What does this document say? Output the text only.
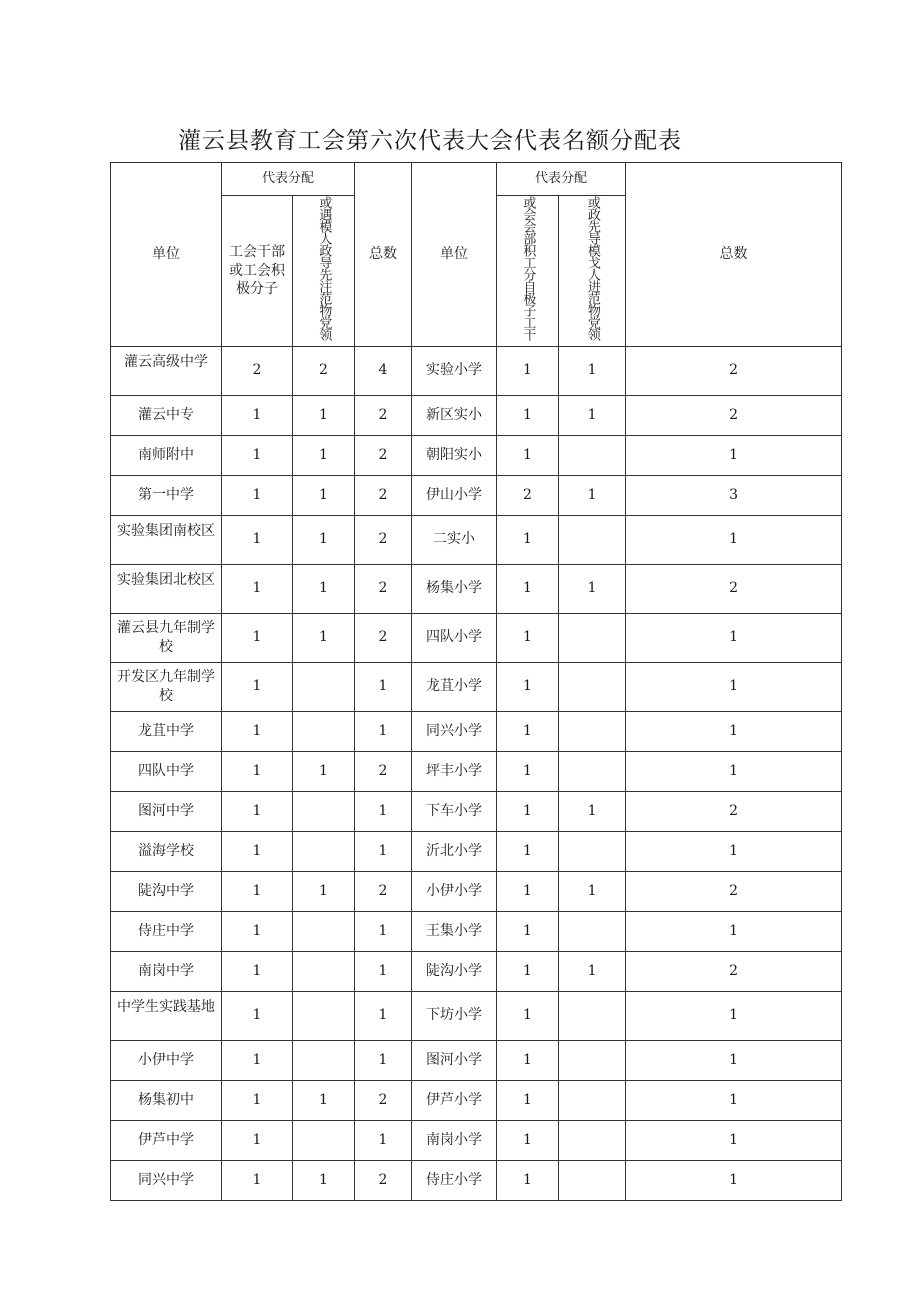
灌云县教育工会第六次代表大会代表名额分配表
单位	代表分配		总数	单位	代表分配		总数
	工会干部或工会积极分子	或遇模人政导先注范物党领			或会会部积工分自极子工干	或政先导模戈人进范物党领	
灌云高级中学	2	2	4	实验小学	1	1	2
灌云中专	1	1	2	新区实小	1	1	2
南师附中	1	1	2	朝阳实小	1		1
第一中学	1	1	2	伊山小学	2	1	3
实验集团南校区	1	1	2	二实小	1		1
实验集团北校区	1	1	2	杨集小学	1	1	2
灌云县九年制学校	1	1	2	四队小学	1		1
开发区九年制学校	1		1	龙苴小学	1		1
龙苴中学	1		1	同兴小学	1		1
四队中学	1	1	2	坪丰小学	1		1
图河中学	1		1	下车小学	1	1	2
溢海学校	1		1	沂北小学	1		1
陡沟中学	1	1	2	小伊小学	1	1	2
侍庄中学	1		1	王集小学	1		1
南岗中学	1		1	陡沟小学	1	1	2
中学生实践基地	1		1	下坊小学	1		1
小伊中学	1		1	图河小学	1		1
杨集初中	1	1	2	伊芦小学	1		1
伊芦中学	1		1	南岗小学	1		1
同兴中学	1	1	2	侍庄小学	1		1
